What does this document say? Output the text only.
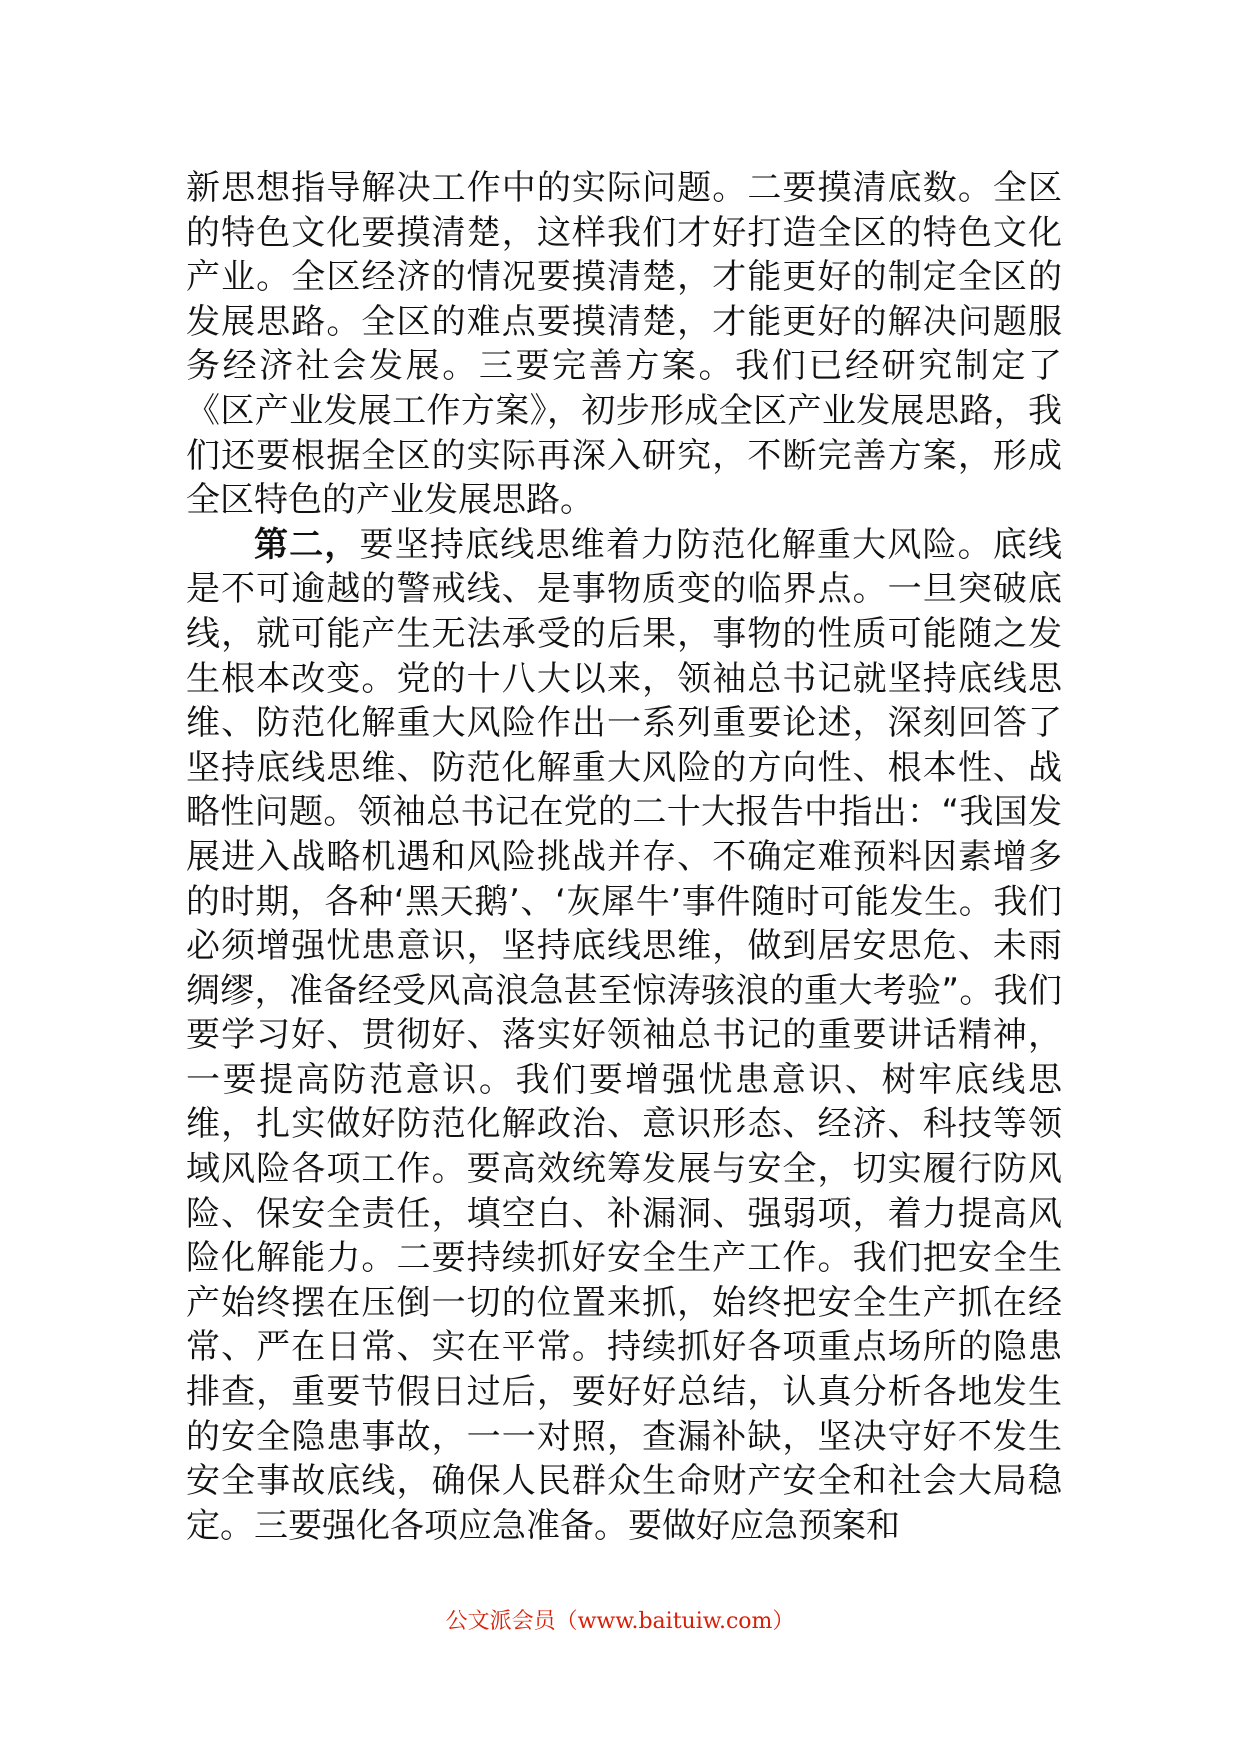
新思想指导解决工作中的实际问题。二要摸清底数。全区的特色文化要摸清楚，这样我们才好打造全区的特色文化产业。全区经济的情况要摸清楚，才能更好的制定全区的发展思路。全区的难点要摸清楚，才能更好的解决问题服务经济社会发展。三要完善方案。我们已经研究制定了《区产业发展工作方案》，初步形成全区产业发展思路，我们还要根据全区的实际再深入研究，不断完善方案，形成全区特色的产业发展思路。

第二，要坚持底线思维着力防范化解重大风险。底线是不可逾越的警戒线、是事物质变的临界点。一旦突破底线，就可能产生无法承受的后果，事物的性质可能随之发生根本改变。党的十八大以来，领袖总书记就坚持底线思维、防范化解重大风险作出一系列重要论述，深刻回答了坚持底线思维、防范化解重大风险的方向性、根本性、战略性问题。领袖总书记在党的二十大报告中指出：“我国发展进入战略机遇和风险挑战并存、不确定难预料因素增多的时期，各种‘黑天鹅’、‘灰犀牛’事件随时可能发生。我们必须增强忧患意识，坚持底线思维，做到居安思危、未雨绸缪，准备经受风高浪急甚至惊涛骇浪的重大考验”。我们要学习好、贯彻好、落实好领袖总书记的重要讲话精神，一要提高防范意识。我们要增强忧患意识、树牢底线思维，扎实做好防范化解政治、意识形态、经济、科技等领域风险各项工作。要高效统筹发展与安全，切实履行防风险、保安全责任，填空白、补漏洞、强弱项，着力提高风险化解能力。二要持续抓好安全生产工作。我们把安全生产始终摆在压倒一切的位置来抓，始终把安全生产抓在经常、严在日常、实在平常。持续抓好各项重点场所的隐患排查，重要节假日过后，要好好总结，认真分析各地发生的安全隐患事故，一一对照，查漏补缺，坚决守好不发生安全事故底线，确保人民群众生命财产安全和社会大局稳定。三要强化各项应急准备。要做好应急预案和

公文派会员（www.baituiw.com）
